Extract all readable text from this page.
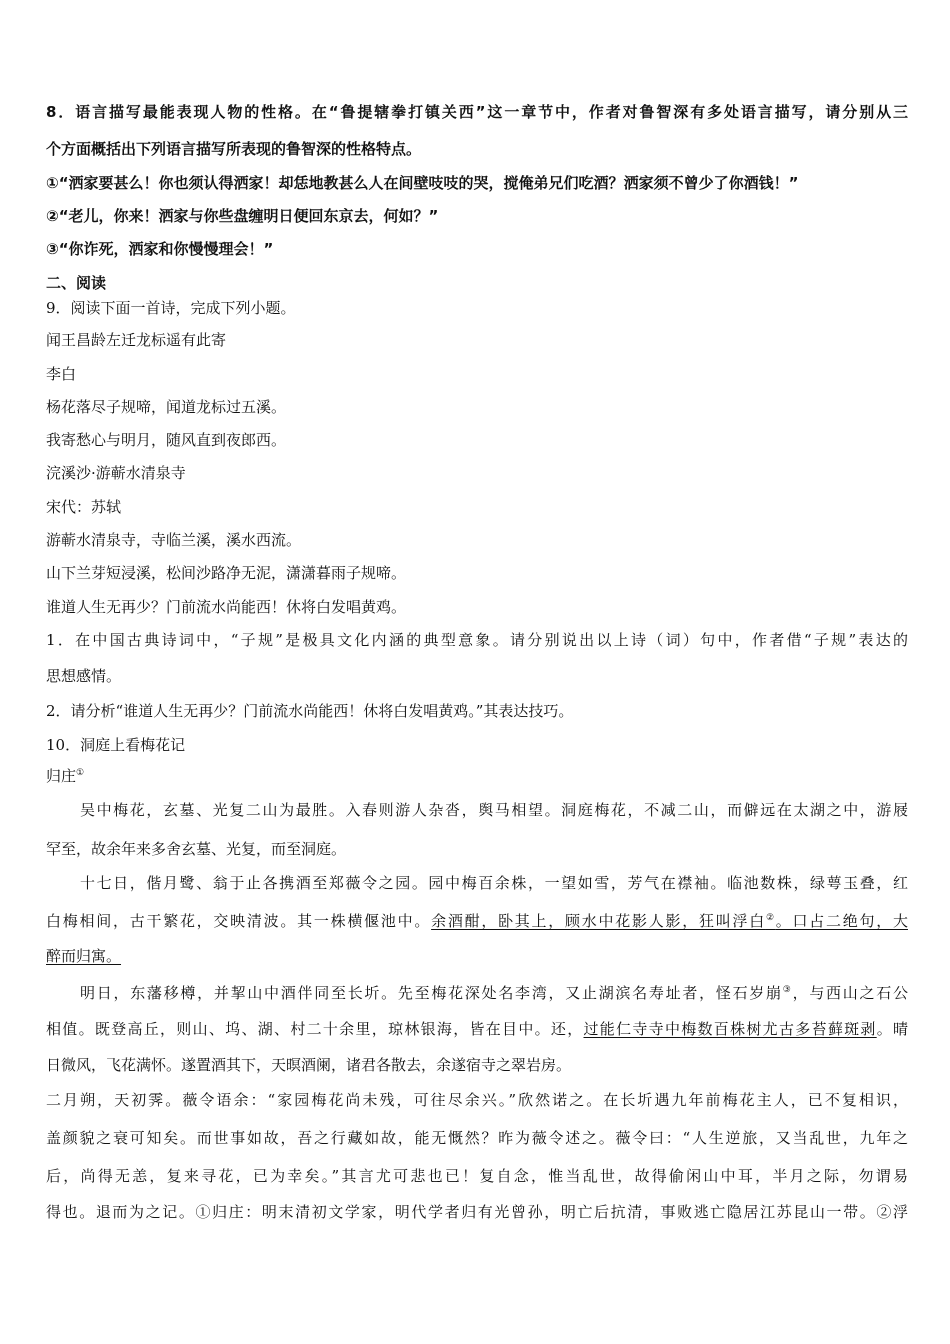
8．语言描写最能表现人物的性格。在“鲁提辖拳打镇关西”这一章节中，作者对鲁智深有多处语言描写，请分别从三

个方面概括出下列语言描写所表现的鲁智深的性格特点。

①“洒家要甚么！你也须认得洒家！却恁地教甚么人在间壁吱吱的哭，搅俺弟兄们吃酒？洒家须不曾少了你酒钱！”

②“老儿，你来！洒家与你些盘缠明日便回东京去，何如？”

③“你诈死，洒家和你慢慢理会！”

二、阅读

9．阅读下面一首诗，完成下列小题。

闻王昌龄左迁龙标遥有此寄

李白

杨花落尽子规啼，闻道龙标过五溪。

我寄愁心与明月，随风直到夜郎西。

浣溪沙·游蕲水清泉寺

宋代：苏轼

游蕲水清泉寺，寺临兰溪，溪水西流。

山下兰芽短浸溪，松间沙路净无泥，潇潇暮雨子规啼。

谁道人生无再少？门前流水尚能西！休将白发唱黄鸡。

1．在中国古典诗词中，“子规”是极具文化内涵的典型意象。请分别说出以上诗（词）句中，作者借“子规”表达的

思想感情。

2．请分析“谁道人生无再少？门前流水尚能西！休将白发唱黄鸡。”其表达技巧。

10．洞庭上看梅花记

归庄①

吴中梅花，玄墓、光复二山为最胜。入春则游人杂沓，舆马相望。洞庭梅花，不减二山，而僻远在太湖之中，游屐

罕至，故余年来多舍玄墓、光复，而至洞庭。

十七日，偕月鹭、翁于止各携酒至郑薇令之园。园中梅百余株，一望如雪，芳气在襟袖。临池数株，绿萼玉叠，红

白梅相间，古干繁花，交映清波。其一株横偃池中。余酒酣，卧其上，顾水中花影人影，狂叫浮白②。口占二绝句，大

醉而归寓。

明日，东藩移樽，并挈山中酒伴同至长圻。先至梅花深处名李湾，又止湖滨名寿址者，怪石岁崩③，与西山之石公

相值。既登高丘，则山、坞、湖、村二十余里，琼林银海，皆在目中。还，过能仁寺寺中梅数百株树尤古多苔藓斑剥。晴

日微风，飞花满怀。遂置酒其下，天暝酒阑，诸君各散去，余遂宿寺之翠岩房。

二月朔，天初霁。薇令语余：“家园梅花尚未残，可往尽余兴。”欣然诺之。在长圻遇九年前梅花主人，已不复相识，

盖颜貌之衰可知矣。而世事如故，吾之行藏如故，能无慨然？昨为薇令述之。薇令曰：“人生逆旅，又当乱世，九年之

后，尚得无恙，复来寻花，已为幸矣。”其言尤可悲也已！复自念，惟当乱世，故得偷闲山中耳，半月之际，勿谓易

得也。退而为之记。①归庄：明末清初文学家，明代学者归有光曾孙，明亡后抗清，事败逃亡隐居江苏昆山一带。②浮
